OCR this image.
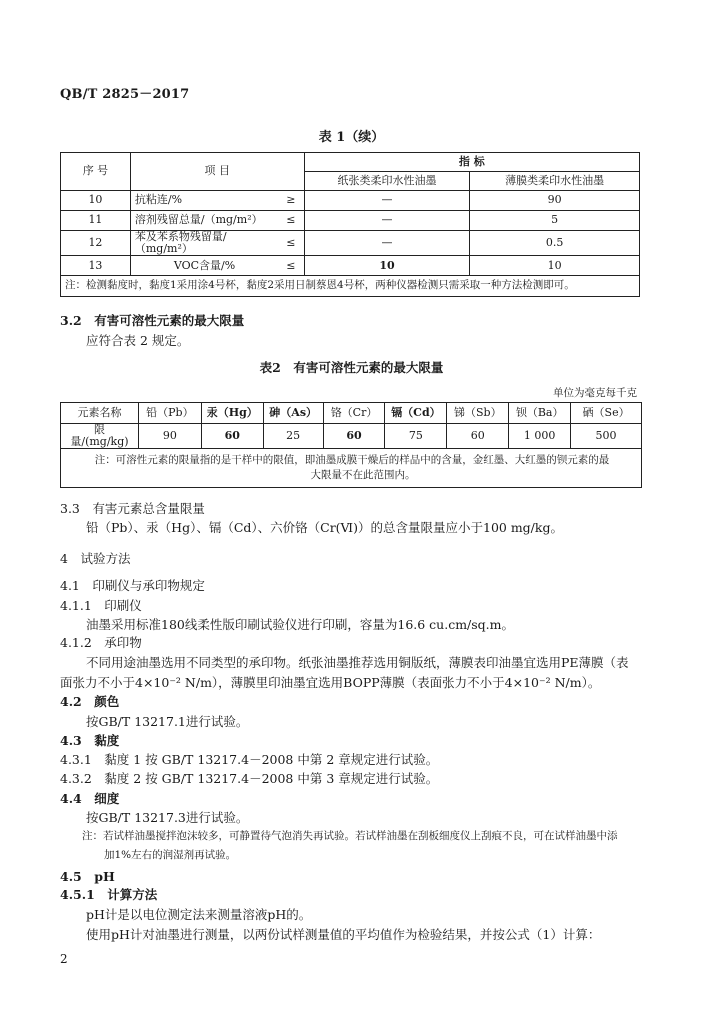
QB/T 2825－2017
表 1（续）
序 号	项 目		指 标	
			纸张类柔印水性油墨	薄膜类柔印水性油墨
10	抗粘连/%	≥	—	90
11	溶剂残留总量/（mg/m²）	≤	—	5
12	苯及苯系物残留量/（mg/m²）	≤	—	0.5
13	VOC含量/%	≤	10	10
注：检测黏度时，黏度1采用涂4号杯，黏度2采用日制蔡恩4号杯，两种仪器检测只需采取一种方法检测即可。				
3.2　有害可溶性元素的最大限量
应符合表 2 规定。
表2　有害可溶性元素的最大限量
单位为毫克每千克
元素名称	铅（Pb）	汞（Hg）	砷（As）	铬（Cr）	镉（Cd）	锑（Sb）	钡（Ba）	硒（Se）
限量/(mg/kg)	90	60	25	60	75	60	1 000	500

注：可溶性元素的限量指的是干样中的限值，即油墨成膜干燥后的样品中的含量，金红墨、大红墨的钡元素的最
大限量不在此范围内。								
3.3　有害元素总含量限量
铅（Pb）、汞（Hg）、镉（Cd）、六价铬（Cr(Ⅵ)）的总含量限量应小于100 mg/kg。
4　试验方法
4.1　印刷仪与承印物规定
4.1.1　印刷仪
油墨采用标准180线柔性版印刷试验仪进行印刷，容量为16.6 cu.cm/sq.m。
4.1.2　承印物
不同用途油墨选用不同类型的承印物。纸张油墨推荐选用铜版纸，薄膜表印油墨宜选用PE薄膜（表
面张力不小于4×10⁻² N/m），薄膜里印油墨宜选用BOPP薄膜（表面张力不小于4×10⁻² N/m）。
4.2　颜色
按GB/T 13217.1进行试验。
4.3　黏度
4.3.1　黏度 1 按 GB/T 13217.4－2008 中第 2 章规定进行试验。
4.3.2　黏度 2 按 GB/T 13217.4－2008 中第 3 章规定进行试验。
4.4　细度
按GB/T 13217.3进行试验。
注：若试样油墨搅拌泡沫较多，可静置待气泡消失再试验。若试样油墨在刮板细度仪上刮痕不良，可在试样油墨中添
加1%左右的润湿剂再试验。
4.5　pH
4.5.1　计算方法
pH计是以电位测定法来测量溶液pH的。
使用pH计对油墨进行测量，以两份试样测量值的平均值作为检验结果，并按公式（1）计算：
2
